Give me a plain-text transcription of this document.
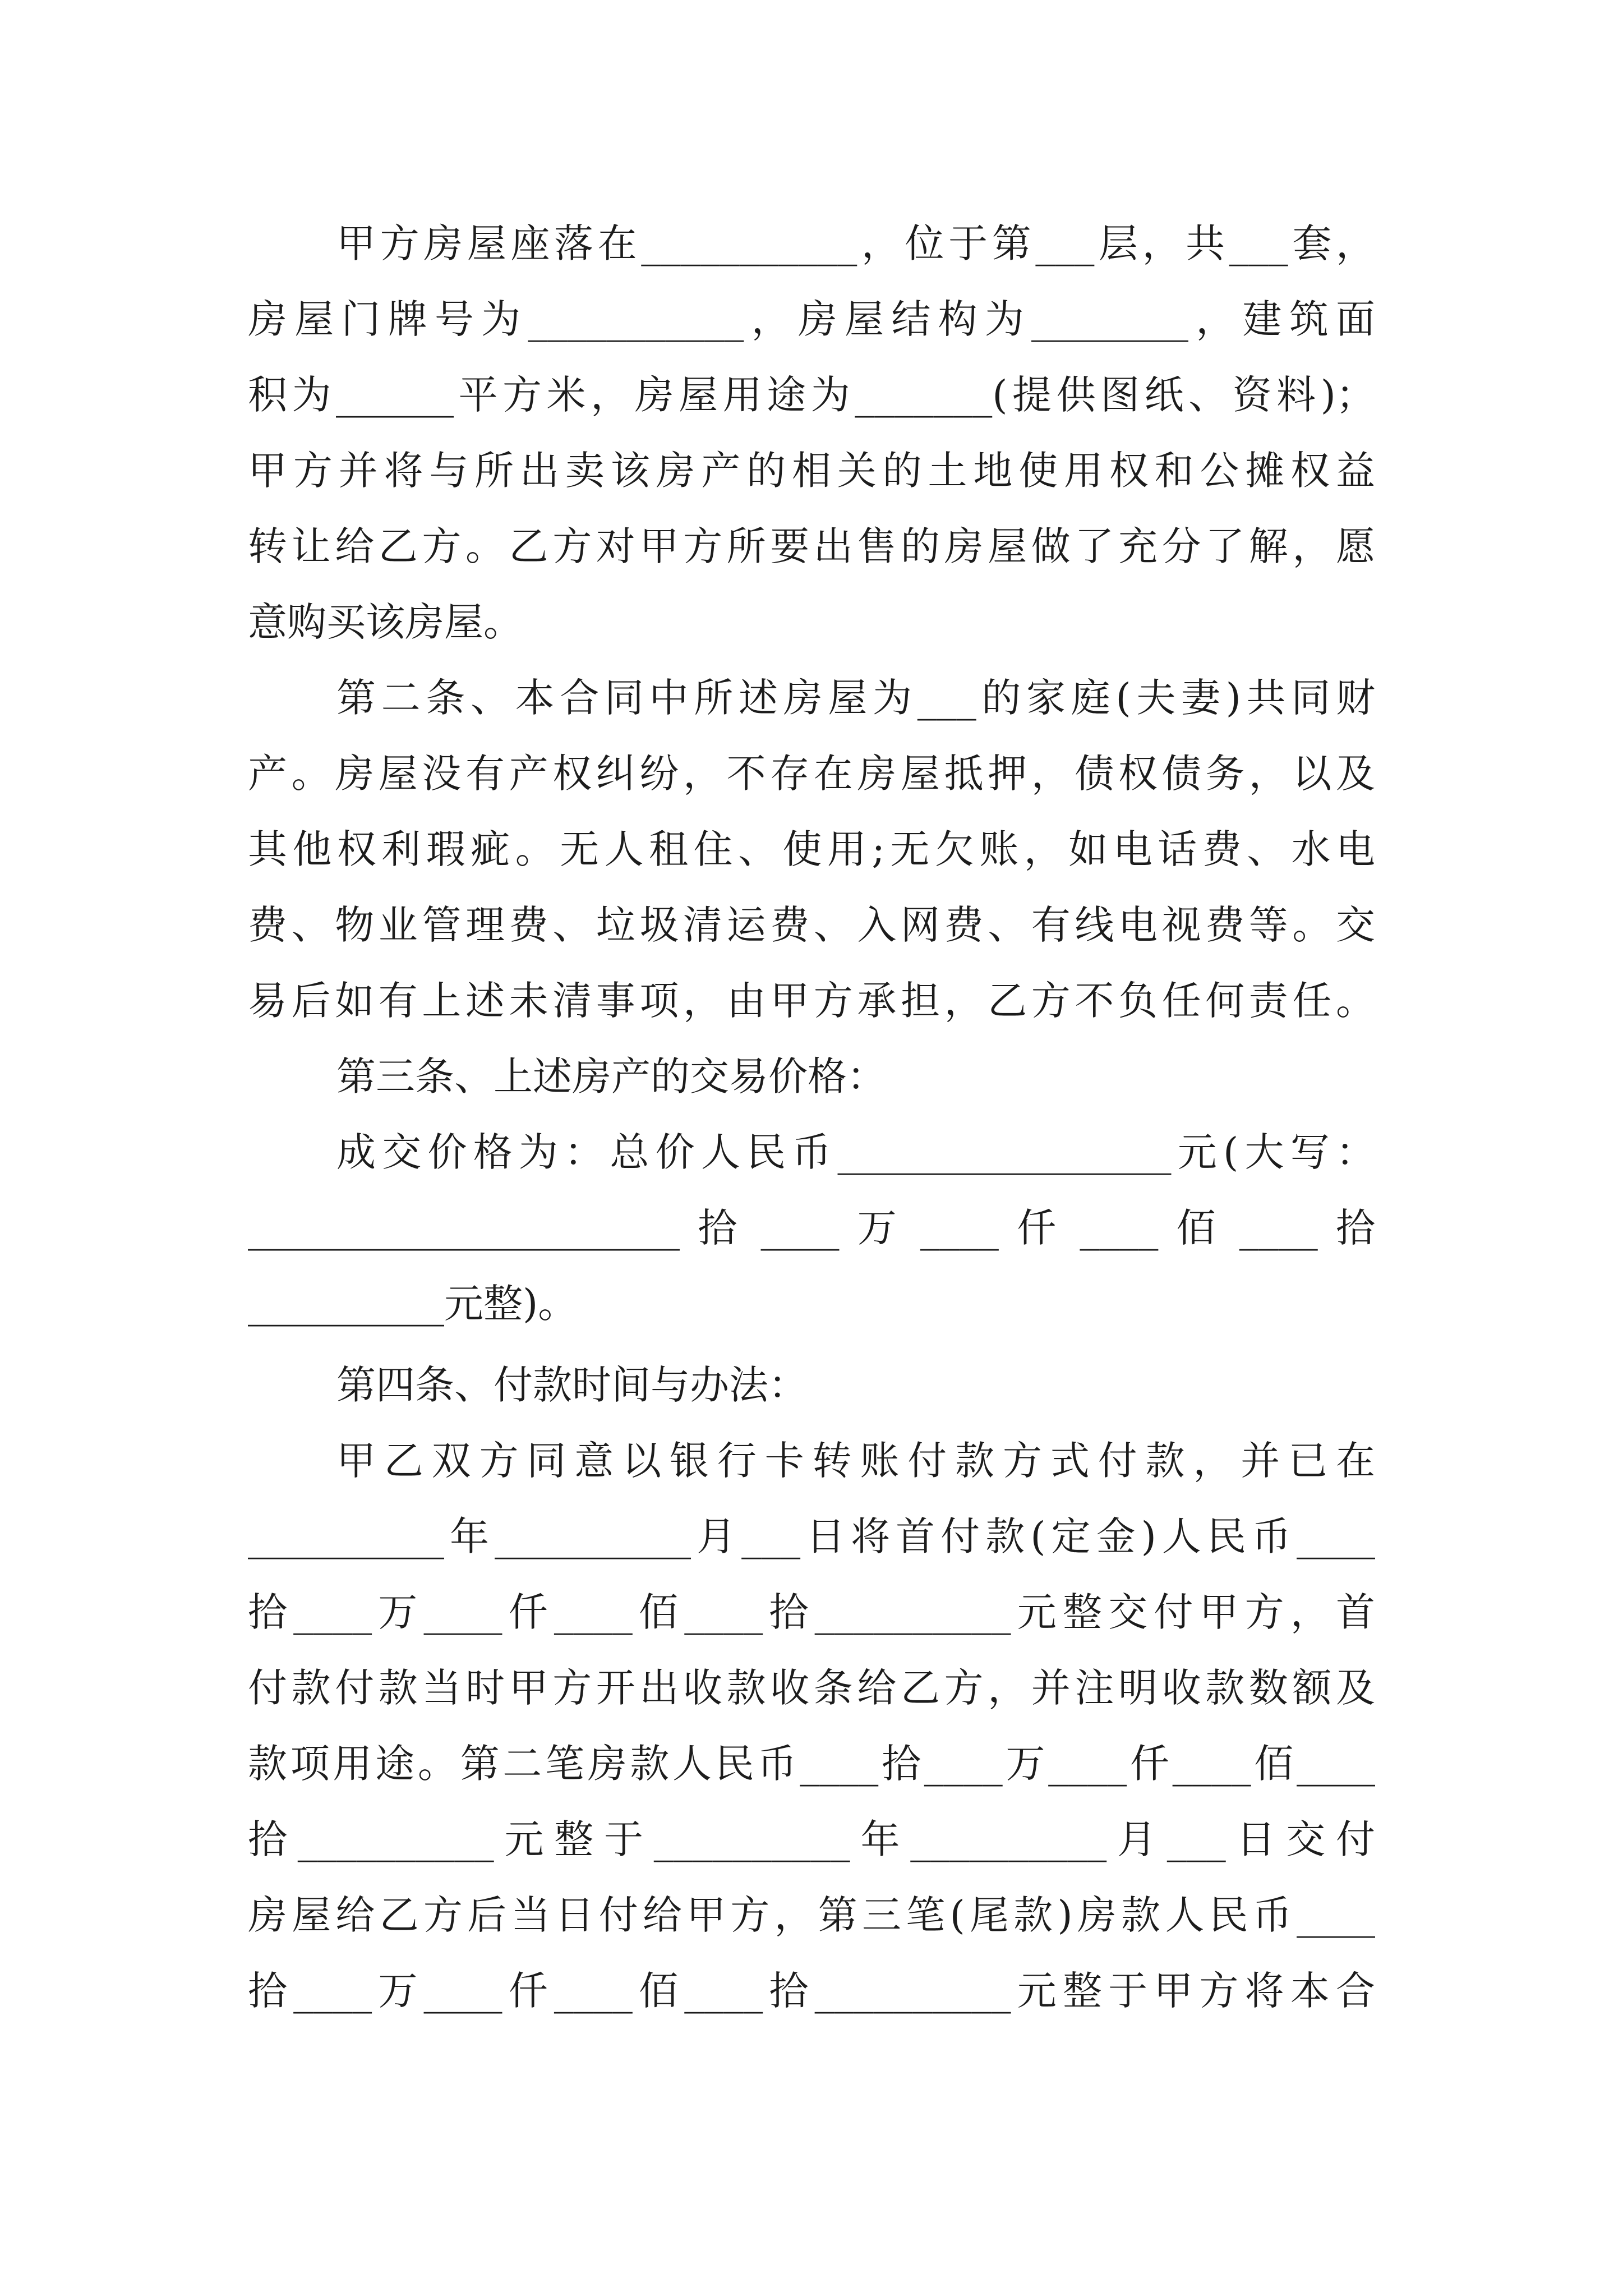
甲方房屋座落在___________，位于第___层，共___套，
房屋门牌号为___________，房屋结构为________，建筑面
积为______平方米，房屋用途为_______(提供图纸、资料)；
甲方并将与所出卖该房产的相关的土地使用权和公摊权益
转让给乙方。乙方对甲方所要出售的房屋做了充分了解，愿
意购买该房屋。
第二条、本合同中所述房屋为___的家庭(夫妻)共同财
产。房屋没有产权纠纷，不存在房屋抵押，债权债务，以及
其他权利瑕疵。无人租住、使用;无欠账，如电话费、水电
费、物业管理费、垃圾清运费、入网费、有线电视费等。交
易后如有上述未清事项，由甲方承担，乙方不负任何责任。
第三条、上述房产的交易价格：
成交价格为：总价人民币_________________元(大写：
______________________ 拾 ____ 万 ____ 仟 ____ 佰 ____ 拾
__________元整)。
第四条、付款时间与办法：
甲乙双方同意以银行卡转账付款方式付款，并已在
__________年__________月___日将首付款(定金)人民币____
拾____万____仟____佰____拾__________元整交付甲方，首
付款付款当时甲方开出收款收条给乙方，并注明收款数额及
款项用途。第二笔房款人民币____拾____万____仟____佰____
拾__________元整于__________年__________月___日交付
房屋给乙方后当日付给甲方，第三笔(尾款)房款人民币____
拾____万____仟____佰____拾__________元整于甲方将本合
